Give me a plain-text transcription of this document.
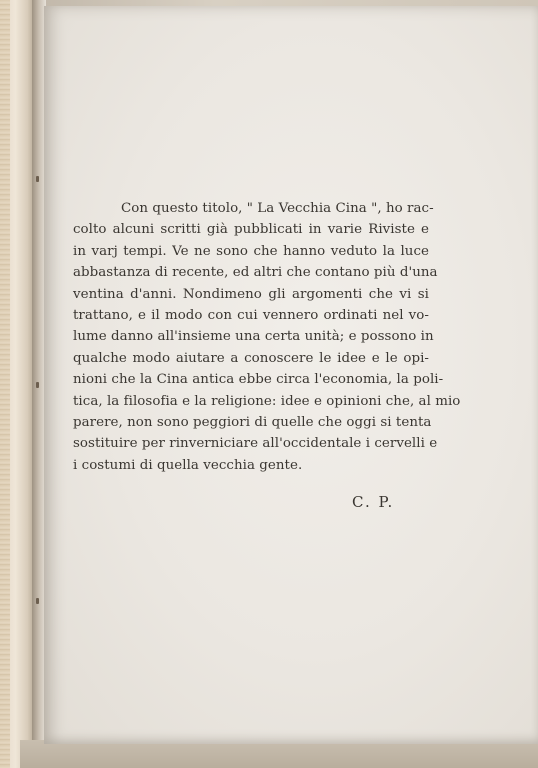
Con questo titolo, " La Vecchia Cina ", ho rac-
colto alcuni scritti già pubblicati in varie Riviste e
in varj tempi. Ve ne sono che hanno veduto la luce
abbastanza di recente, ed altri che contano più d'una
ventina d'anni. Nondimeno gli argomenti che vi si
trattano, e il modo con cui vennero ordinati nel vo-
lume danno all'insieme una certa unità; e possono in
qualche modo aiutare a conoscere le idee e le opi-
nioni che la Cina antica ebbe circa l'economia, la poli-
tica, la filosofia e la religione: idee e opinioni che, al mio
parere, non sono peggiori di quelle che oggi si tenta
sostituire per rinverniciare all'occidentale i cervelli e
i costumi di quella vecchia gente.
C. P.
